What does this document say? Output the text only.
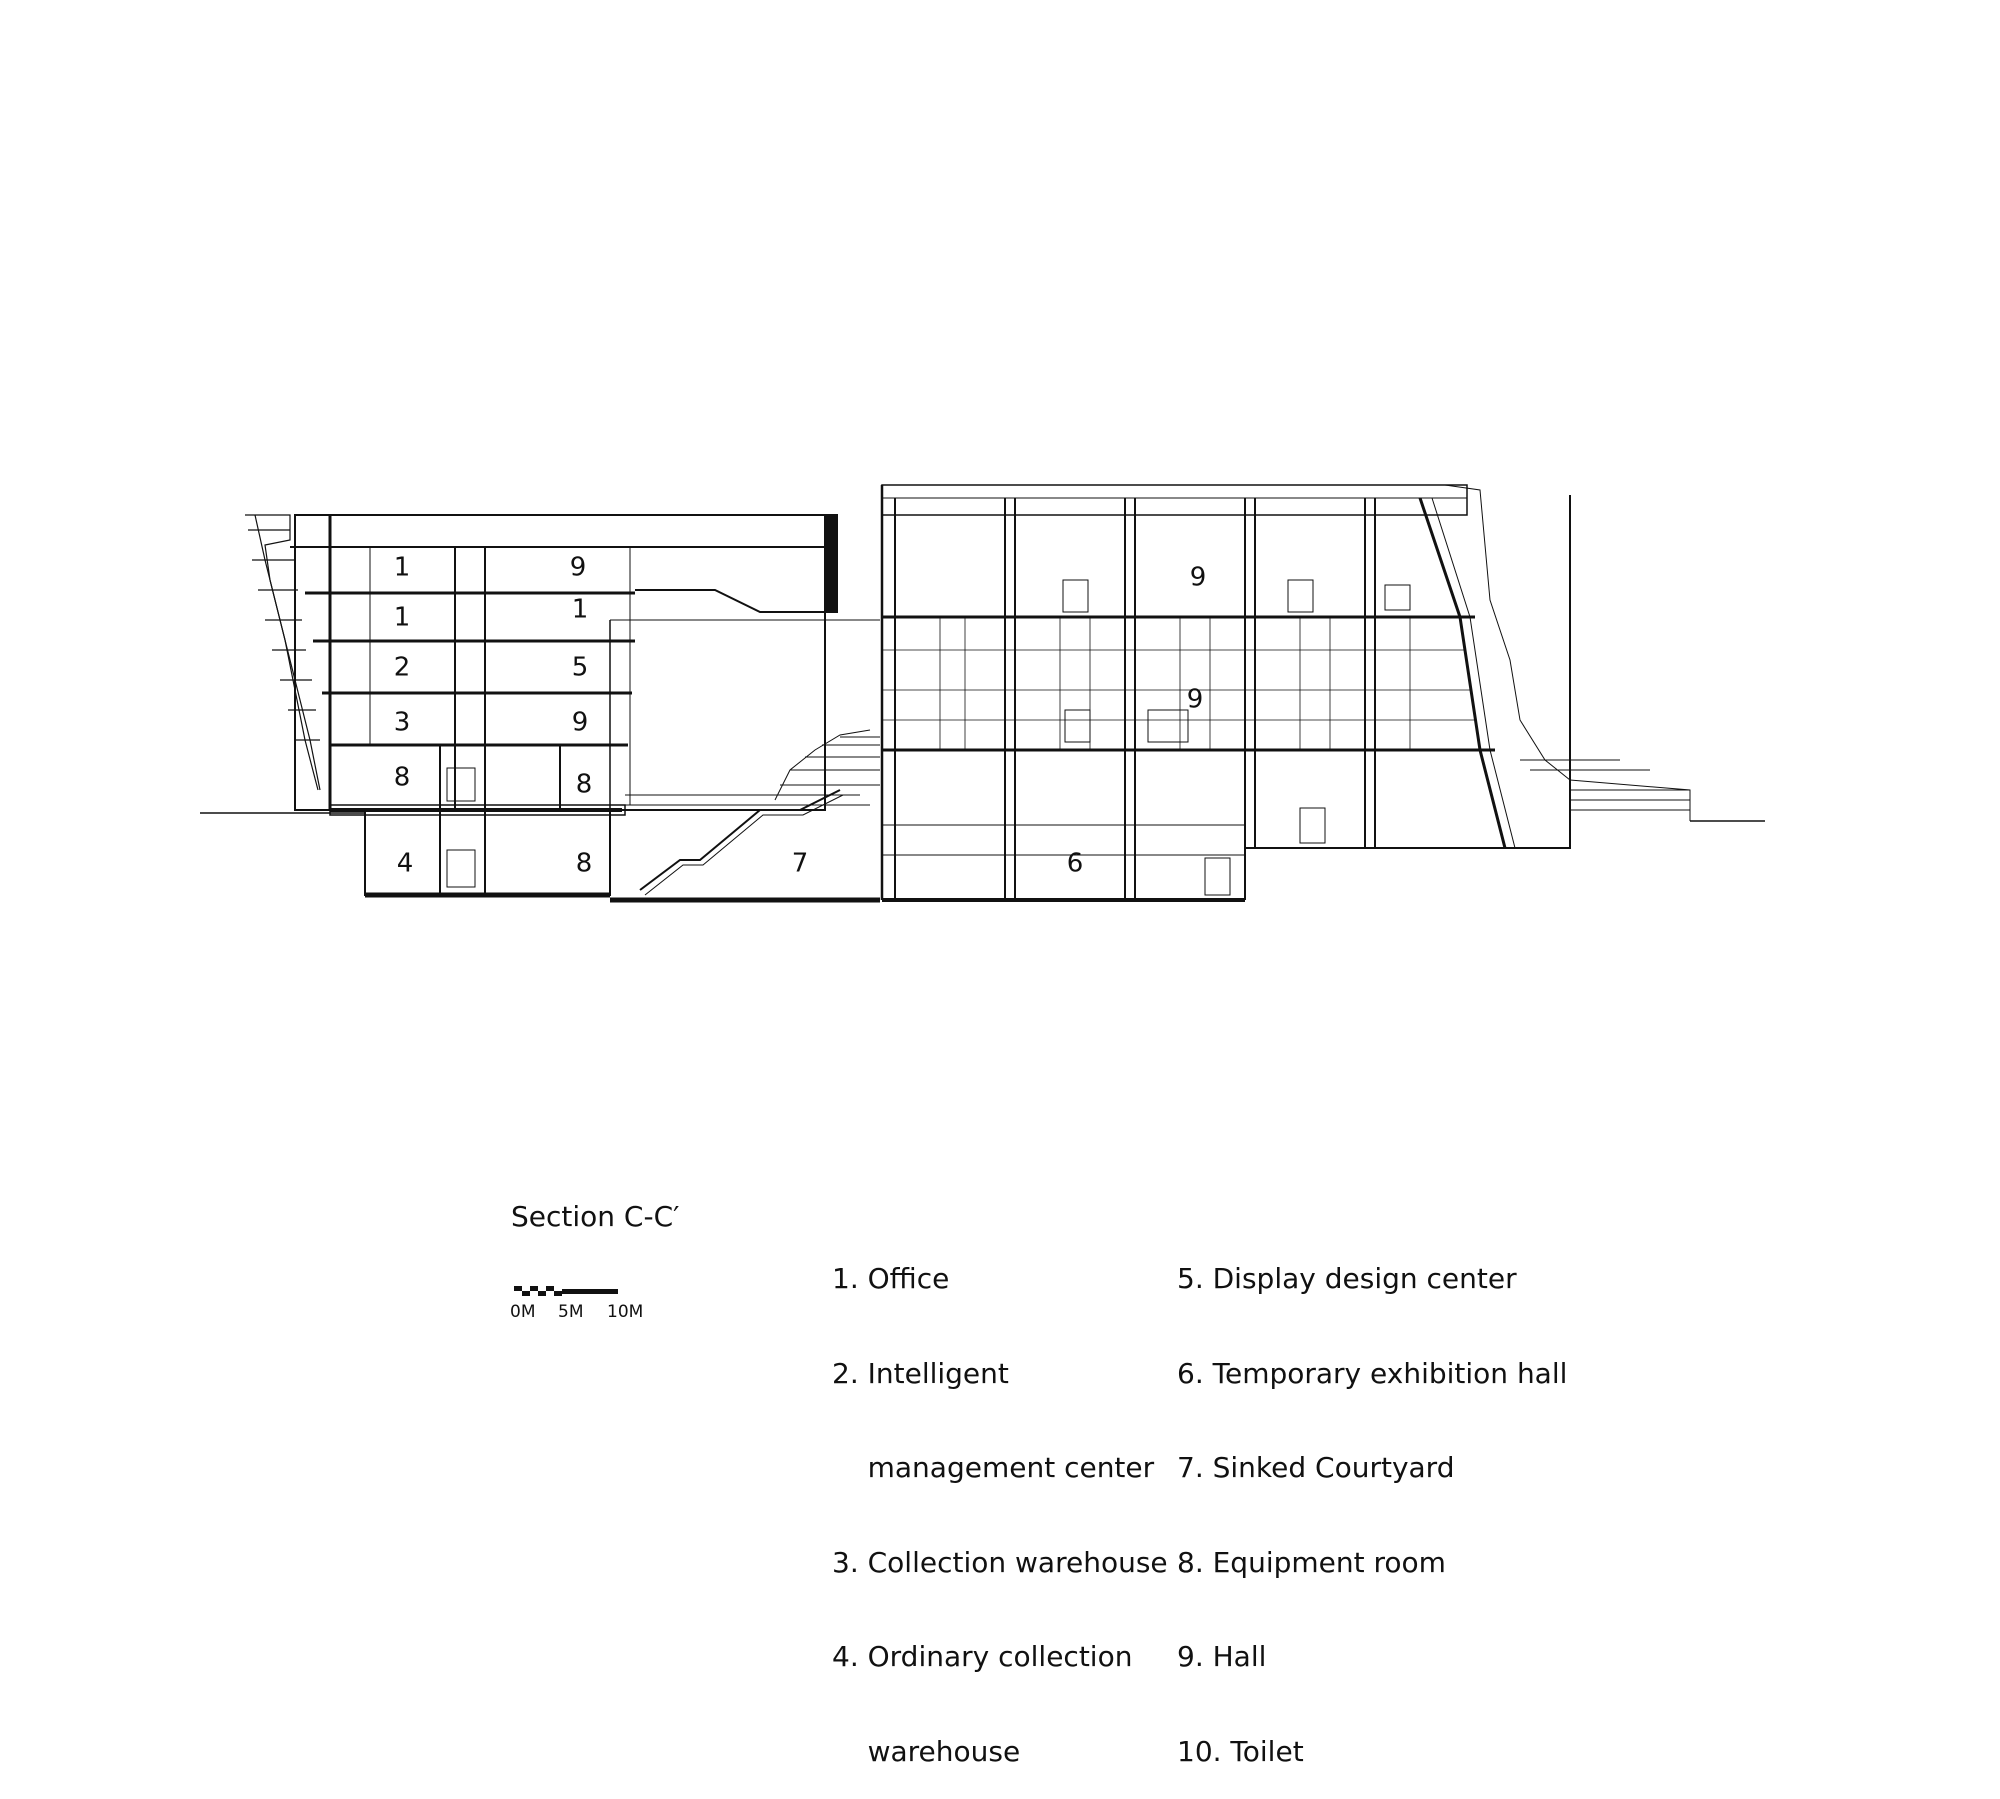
1	9
1	1
2	5
3	9
8	8
4	8	7
9
9
6
Section C-C′
0M 5M 10M

1. Office

2. Intelligent

management center

3. Collection warehouse

4. Ordinary collection

warehouse

5. Display design center

6. Temporary exhibition hall

7. Sinked Courtyard

8. Equipment room

9. Hall

10. Toilet
